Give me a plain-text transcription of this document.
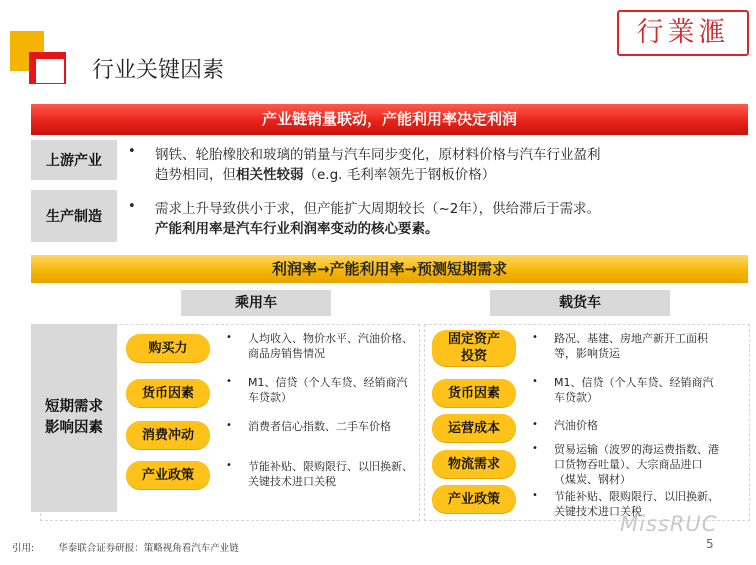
行业关键因素
行業滙
产业链销量联动，产能利用率决定利润
上游产业
• 钢铁、轮胎橡胶和玻璃的销量与汽车同步变化，原材料价格与汽车行业盈利
趋势相同，但相关性较弱（e.g. 毛利率领先于钢板价格）
生产制造
• 需求上升导致供小于求，但产能扩大周期较长（~2年），供给滞后于需求。
产能利用率是汽车行业利润率变动的核心要素。
利润率→产能利用率→预测短期需求
乘用车	载货车
短期需求影响因素
购买力
• 人均收入、物价水平、汽油价格、商品房销售情况
货币因素
• M1、信贷（个人车贷、经销商汽车贷款）
消费冲动
• 消费者信心指数、二手车价格
产业政策
• 节能补贴、限购限行、以旧换新、关键技术进口关税
固定资产投资
• 路况、基建、房地产新开工面积等，影响货运
货币因素
• M1、信贷（个人车贷、经销商汽车贷款）
运营成本	• 汽油价格
物流需求
• 贸易运输（波罗的海运费指数、港口货物吞吐量）、大宗商品进口（煤炭、钢材）
产业政策	• 节能补贴、限购限行、以旧换新、关键技术进口关税
引用:	华泰联合证券研报：策略视角看汽车产业链
MissRUC
5
